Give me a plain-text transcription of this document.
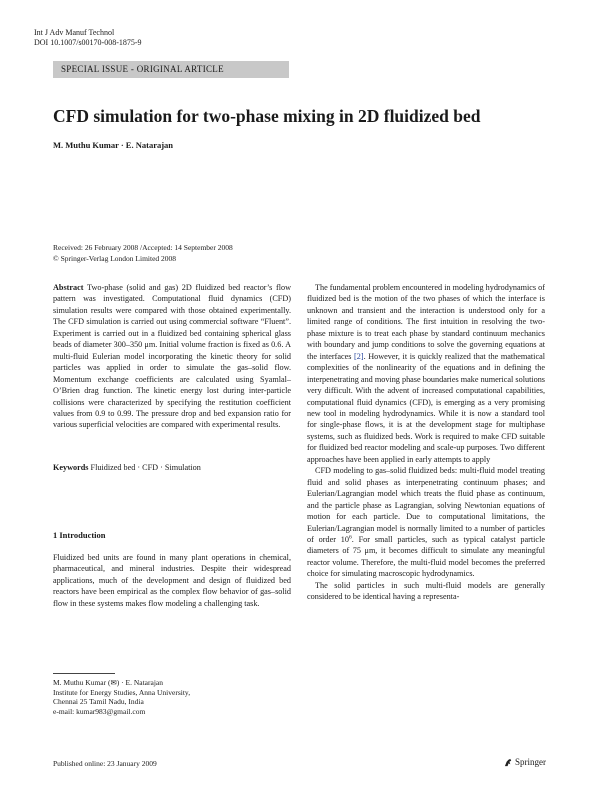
Int J Adv Manuf Technol
DOI 10.1007/s00170-008-1875-9
SPECIAL ISSUE - ORIGINAL ARTICLE
CFD simulation for two-phase mixing in 2D fluidized bed
M. Muthu Kumar · E. Natarajan
Received: 26 February 2008 /Accepted: 14 September 2008
© Springer-Verlag London Limited 2008
Abstract Two-phase (solid and gas) 2D fluidized bed reactor’s flow pattern was investigated. Computational fluid dynamics (CFD) simulation results were compared with those obtained experimentally. The CFD simulation is carried out using commercial software “Fluent”. Experiment is carried out in a fluidized bed containing spherical glass beads of diameter 300–350 μm. Initial volume fraction is fixed as 0.6. A multi-fluid Eulerian model incorporating the kinetic theory for solid particles was applied in order to simulate the gas–solid flow. Momentum exchange coefficients are calculated using Syamlal–O’Brien drag function. The kinetic energy lost during inter-particle collisions were characterized by specifying the restitution coefficient values from 0.9 to 0.99. The pressure drop and bed expansion ratio for various superficial velocities are compared with experimental results.
Keywords Fluidized bed · CFD · Simulation
1 Introduction
Fluidized bed units are found in many plant operations in chemical, pharmaceutical, and mineral industries. Despite their widespread applications, much of the development and design of fluidized bed reactors have been empirical as the complex flow behavior of gas–solid flow in these systems makes flow modeling a challenging task.
M. Muthu Kumar (✉) · E. Natarajan
Institute for Energy Studies, Anna University,
Chennai 25 Tamil Nadu, India
e-mail: kumar983@gmail.com

The fundamental problem encountered in modeling hydrodynamics of fluidized bed is the motion of the two phases of which the interface is unknown and transient and the interaction is understood only for a limited range of conditions. The first intuition in resolving the two-phase mixture is to treat each phase by standard continuum mechanics with boundary and jump conditions to solve the governing equations at the interfaces [2]. However, it is quickly realized that the mathematical complexities of the nonlinearity of the equations and in defining the interpenetrating and moving phase boundaries make numerical solutions very difficult. With the advent of increased computational capabilities, computational fluid dynamics (CFD), is emerging as a very promising new tool in modeling hydrodynamics. While it is now a standard tool for single-phase flows, it is at the development stage for multiphase systems, such as fluidized beds. Work is required to make CFD suitable for fluidized bed reactor modeling and scale-up purposes. Two different approaches have been applied in early attempts to apply

CFD modeling to gas–solid fluidized beds: multi-fluid model treating fluid and solid phases as interpenetrating continuum phases; and Eulerian/Lagrangian model which treats the fluid phase as continuum, and the particle phase as Lagrangian, solving Newtonian equations of motion for each particle. Due to computational limitations, the Eulerian/Lagrangian model is normally limited to a number of particles of order $10^6$. For small particles, such as typical catalyst particle diameters of 75 μm, it becomes difficult to simulate any meaningful reactor volume. Therefore, the multi-fluid model becomes the preferred choice for simulating macroscopic hydrodynamics.

The solid particles in such multi-fluid models are generally considered to be identical having a representa-

Published online: 23 January 2009	Springer
